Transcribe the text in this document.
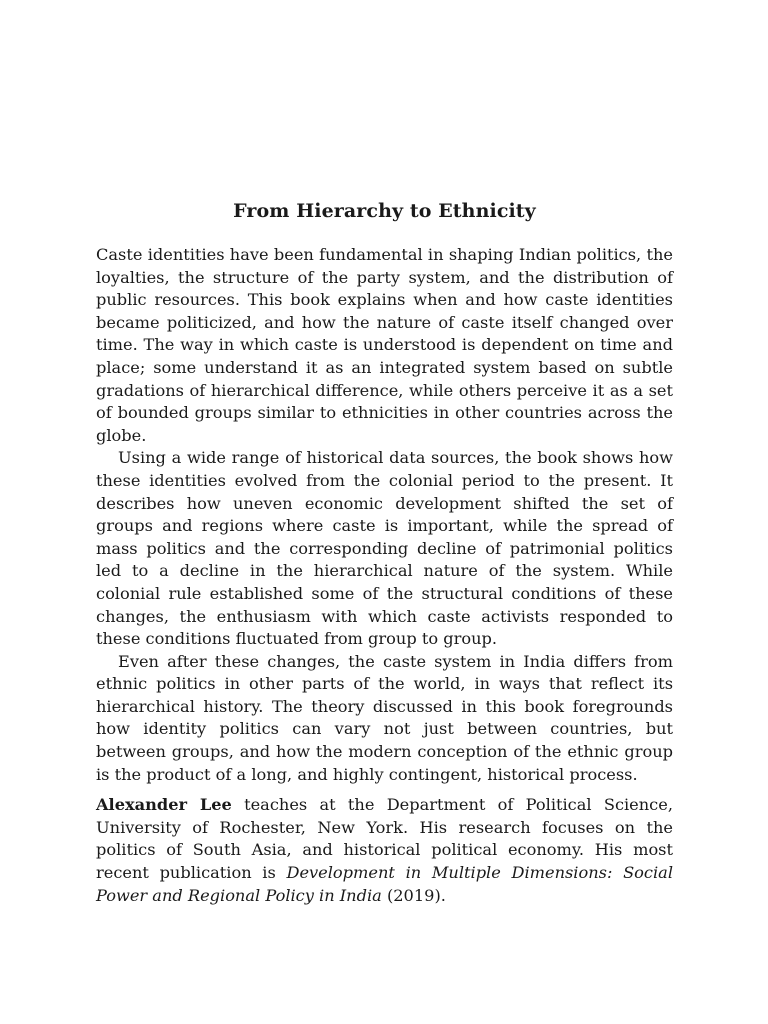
From Hierarchy to Ethnicity

Caste identities have been fundamental in shaping Indian politics, the loyalties, the structure of the party system, and the distribution of public resources. This book explains when and how caste identities became politicized, and how the nature of caste itself changed over time. The way in which caste is understood is dependent on time and place; some understand it as an integrated system based on subtle gradations of hierarchical difference, while others perceive it as a set of bounded groups similar to ethnicities in other countries across the globe.

Using a wide range of historical data sources, the book shows how these identities evolved from the colonial period to the present. It describes how uneven economic development shifted the set of groups and regions where caste is important, while the spread of mass politics and the corresponding decline of patrimonial politics led to a decline in the hierarchical nature of the system. While colonial rule established some of the structural conditions of these changes, the enthusiasm with which caste activists responded to these conditions fluctuated from group to group.

Even after these changes, the caste system in India differs from ethnic politics in other parts of the world, in ways that reflect its hierarchical history. The theory discussed in this book foregrounds how identity politics can vary not just between countries, but between groups, and how the modern conception of the ethnic group is the product of a long, and highly contingent, historical process.

Alexander Lee teaches at the Department of Political Science, University of Rochester, New York. His research focuses on the politics of South Asia, and historical political economy. His most recent publication is Development in Multiple Dimensions: Social Power and Regional Policy in India (2019).
